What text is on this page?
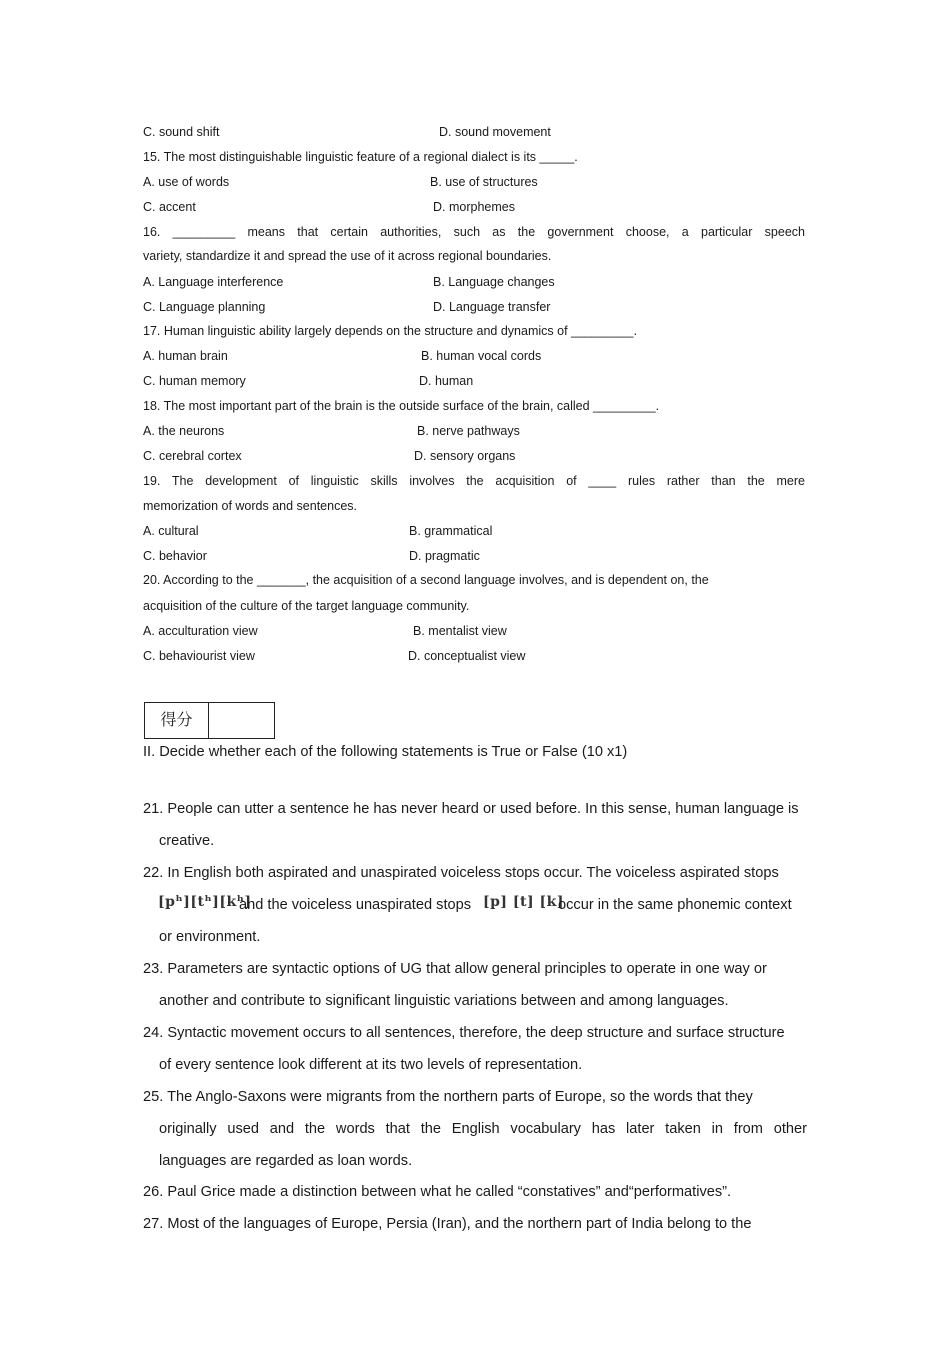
C. sound shift	D. sound movement
15. The most distinguishable linguistic feature of a regional dialect is its _____.
A. use of words	B. use of structures
C. accent	D. morphemes
16. _________ means that certain authorities, such as the government choose, a particular speech
variety, standardize it and spread the use of it across regional boundaries.
A. Language interference	B. Language changes
C. Language planning	D. Language transfer
17. Human linguistic ability largely depends on the structure and dynamics of _________.
A. human brain	B. human vocal cords
C. human memory	D. human
18. The most important part of the brain is the outside surface of the brain, called _________.
A. the neurons	B. nerve pathways
C. cerebral cortex	D. sensory organs
19. The development of linguistic skills involves the acquisition of ____ rules rather than the mere
memorization of words and sentences.
A. cultural	B. grammatical
C. behavior	D. pragmatic
20. According to the _______, the acquisition of a second language involves, and is dependent on, the
acquisition of the culture of the target language community.
A. acculturation view	B. mentalist view
C. behaviourist view	D. conceptualist view
得分
II. Decide whether each of the following statements is True or False (10 x1)
21. People can utter a sentence he has never heard or used before. In this sense, human language is
creative.
22. In English both aspirated and unaspirated voiceless stops occur. The voiceless aspirated stops
[pʰ][tʰ][kʰ]
and the voiceless unaspirated stops [p] [t] [k]
occur in the same phonemic context
or environment.
23. Parameters are syntactic options of UG that allow general principles to operate in one way or
another and contribute to significant linguistic variations between and among languages.
24. Syntactic movement occurs to all sentences, therefore, the deep structure and surface structure
of every sentence look different at its two levels of representation.
25. The Anglo-Saxons were migrants from the northern parts of Europe, so the words that they
originally used and the words that the English vocabulary has later taken in from other
languages are regarded as loan words.
26. Paul Grice made a distinction between what he called “constatives” and“performatives”.
27. Most of the languages of Europe, Persia (Iran), and the northern part of India belong to the
